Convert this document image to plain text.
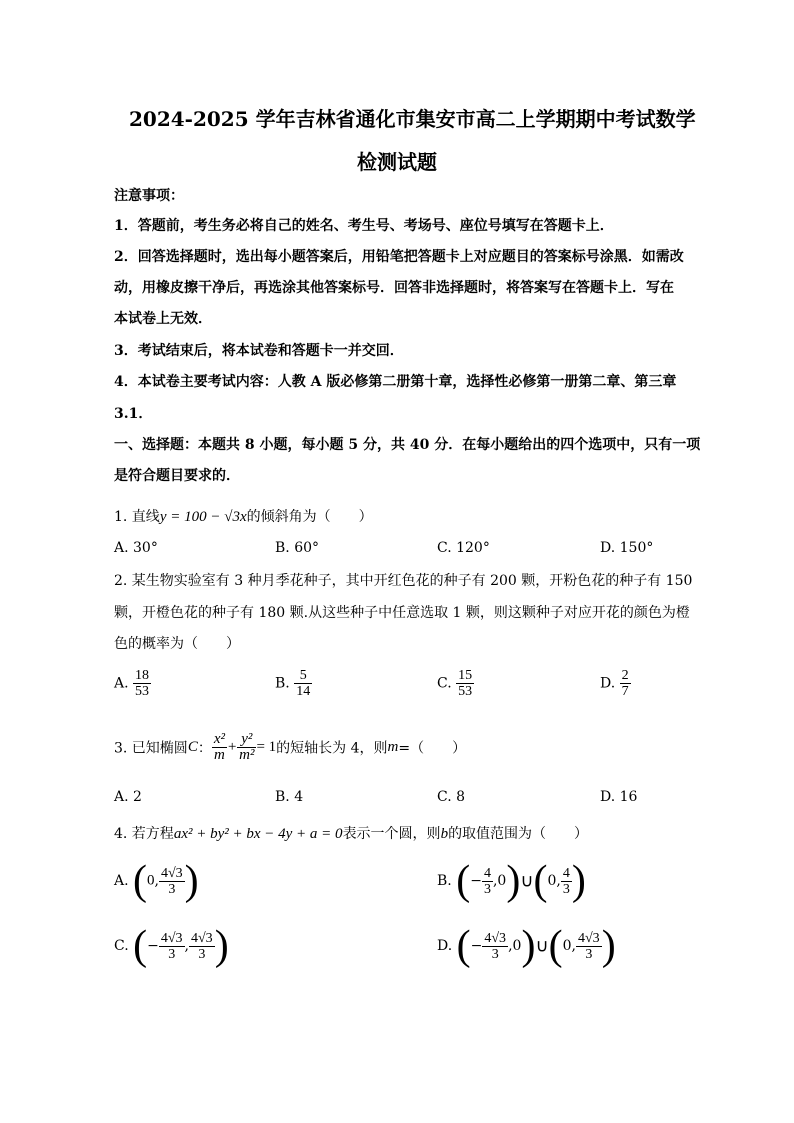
2024-2025 学年吉林省通化市集安市高二上学期期中考试数学
检测试题
注意事项：
1．答题前，考生务必将自己的姓名、考生号、考场号、座位号填写在答题卡上．
2．回答选择题时，选出每小题答案后，用铅笔把答题卡上对应题目的答案标号涂黑．如需改
动，用橡皮擦干净后，再选涂其他答案标号．回答非选择题时，将答案写在答题卡上．写在
本试卷上无效．
3．考试结束后，将本试卷和答题卡一并交回．
4．本试卷主要考试内容：人教 A 版必修第二册第十章，选择性必修第一册第二章、第三章
3.1．
一、选择题：本题共 8 小题，每小题 5 分，共 40 分．在每小题给出的四个选项中，只有一项
是符合题目要求的．
1. 直线y = 100 − √3x的倾斜角为（　　）
A. 30°	B. 60°	C. 120°	D. 150°
2. 某生物实验室有 3 种月季花种子，其中开红色花的种子有 200 颗，开粉色花的种子有 150
颗，开橙色花的种子有 180 颗.从这些种子中任意选取 1 颗，则这颗种子对应开花的颜色为橙
色的概率为（　　）
A. $\frac{18}{53}$	B. $\frac{5}{14}$	C. $\frac{15}{53}$	D. $\frac{2}{7}$
3. 已知椭圆C： $\frac{\text{x²}}{m} + \frac{\text{y²}}{\text{m²}} = 1$的短轴长为 4，则m=（　　）
A. 2	B. 4	C. 8	D. 16
4. 若方程ax² + by² + bx − 4y + a = 0表示一个圆，则b的取值范围为（　　）
A. (0, $\frac{4√3}{3}$ )	B. (− $\frac{4}{3}$ ,0)∪(0, $\frac{4}{3}$ )
C. (− $\frac{4√3}{3}$ , $\frac{4√3}{3}$ )	D. (− $\frac{4√3}{3}$ ,0)∪(0, $\frac{4√3}{3}$ )
